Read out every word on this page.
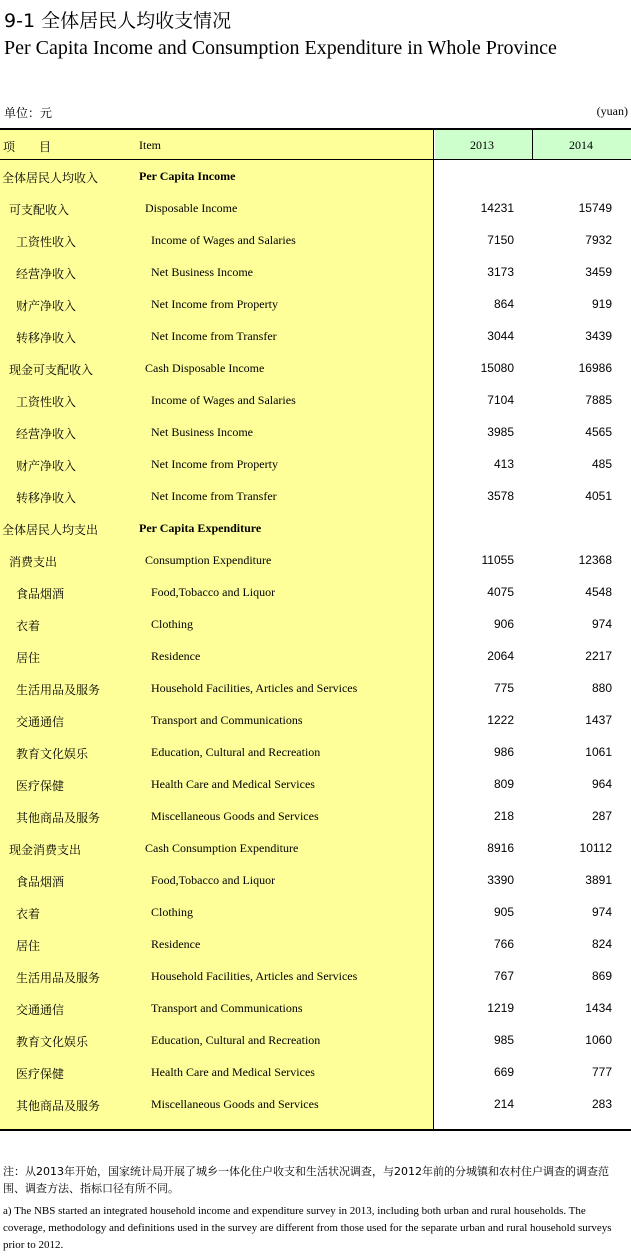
9-1 全体居民人均收支情况
Per Capita Income and Consumption Expenditure in Whole Province
单位：元	(yuan)
项　　目	Item	2013	2014
全体居民人均收入	Per Capita Income
可支配收入	Disposable Income	14231	15749
工资性收入	Income of Wages and Salaries	7150	7932
经营净收入	Net Business Income	3173	3459
财产净收入	Net Income from Property	864	919
转移净收入	Net Income from Transfer	3044	3439
现金可支配收入	Cash Disposable Income	15080	16986
工资性收入	Income of Wages and Salaries	7104	7885
经营净收入	Net Business Income	3985	4565
财产净收入	Net Income from Property	413	485
转移净收入	Net Income from Transfer	3578	4051
全体居民人均支出	Per Capita Expenditure
消费支出	Consumption Expenditure	11055	12368
食品烟酒	Food,Tobacco and Liquor	4075	4548
衣着	Clothing	906	974
居住	Residence	2064	2217
生活用品及服务	Household Facilities, Articles and Services	775	880
交通通信	Transport and Communications	1222	1437
教育文化娱乐	Education, Cultural and Recreation	986	1061
医疗保健	Health Care and Medical Services	809	964
其他商品及服务	Miscellaneous Goods and Services	218	287
现金消费支出	Cash Consumption Expenditure	8916	10112
食品烟酒	Food,Tobacco and Liquor	3390	3891
衣着	Clothing	905	974
居住	Residence	766	824
生活用品及服务	Household Facilities, Articles and Services	767	869
交通通信	Transport and Communications	1219	1434
教育文化娱乐	Education, Cultural and Recreation	985	1060
医疗保健	Health Care and Medical Services	669	777
其他商品及服务	Miscellaneous Goods and Services	214	283
注：从2013年开始，国家统计局开展了城乡一体化住户收支和生活状况调查，与2012年前的分城镇和农村住户调查的调查范围、调查方法、指标口径有所不同。
a) The NBS started an integrated household income and expenditure survey in 2013, including both urban and rural households. The coverage, methodology and definitions used in the survey are different from those used for the separate urban and rural household surveys prior to 2012.
